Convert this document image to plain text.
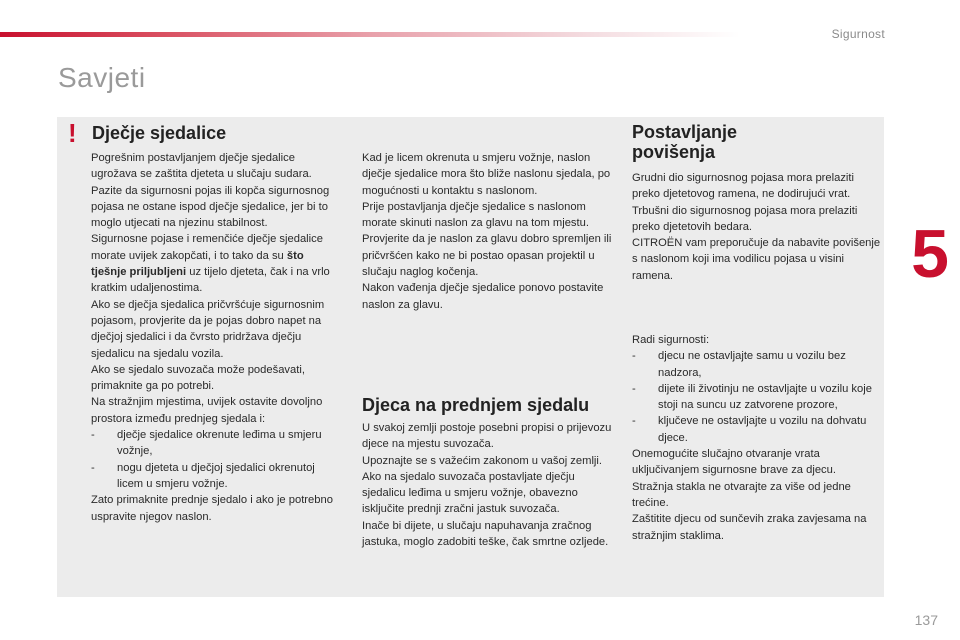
Sigurnost
Savjeti
5
! Dječje sjedalice

Pogrešnim postavljanjem dječje sjedalice ugrožava se zaštita djeteta u slučaju sudara.

Pazite da sigurnosni pojas ili kopča sigurnosnog pojasa ne ostane ispod dječje sjedalice, jer bi to moglo utjecati na njezinu stabilnost.

Sigurnosne pojase i remenčiće dječje sjedalice morate uvijek zakopčati, i to tako da su što tješnje priljubljeni uz tijelo djeteta, čak i na vrlo kratkim udaljenostima.

Ako se dječja sjedalica pričvršćuje sigurnosnim pojasom, provjerite da je pojas dobro napet na dječjoj sjedalici i da čvrsto pridržava dječju sjedalicu na sjedalu vozila.

Ako se sjedalo suvozača može podešavati, primaknite ga po potrebi.

Na stražnjim mjestima, uvijek ostavite dovoljno prostora između prednjeg sjedala i:

-	dječje sjedalice okrenute leđima u smjeru vožnje,
-	nogu djeteta u dječjoj sjedalici okrenutoj licem u smjeru vožnje.

Zato primaknite prednje sjedalo i ako je potrebno uspravite njegov naslon.

Kad je licem okrenuta u smjeru vožnje, naslon dječje sjedalice mora što bliže naslonu sjedala, po mogućnosti u kontaktu s naslonom.

Prije postavljanja dječje sjedalice s naslonom morate skinuti naslon za glavu na tom mjestu.

Provjerite da je naslon za glavu dobro spremljen ili pričvršćen kako ne bi postao opasan projektil u slučaju naglog kočenja.

Nakon vađenja dječje sjedalice ponovo postavite naslon za glavu.

Djeca na prednjem sjedalu

U svakoj zemlji postoje posebni propisi o prijevozu djece na mjestu suvozača.

Upoznajte se s važećim zakonom u vašoj zemlji.

Ako na sjedalo suvozača postavljate dječju sjedalicu leđima u smjeru vožnje, obavezno isključite prednji zračni jastuk suvozača.

Inače bi dijete, u slučaju napuhavanja zračnog jastuka, moglo zadobiti teške, čak smrtne ozljede.

Postavljanje
povišenja

Grudni dio sigurnosnog pojasa mora prelaziti preko djetetovog ramena, ne dodirujući vrat.

Trbušni dio sigurnosnog pojasa mora prelaziti preko djetetovih bedara.

CITROËN vam preporučuje da nabavite povišenje s naslonom koji ima vodilicu pojasa u visini ramena.

Radi sigurnosti:

-	djecu ne ostavljajte samu u vozilu bez nadzora,
-	dijete ili životinju ne ostavljajte u vozilu koje stoji na suncu uz zatvorene prozore,
-	ključeve ne ostavljajte u vozilu na dohvatu djece.

Onemogućite slučajno otvaranje vrata uključivanjem sigurnosne brave za djecu.

Stražnja stakla ne otvarajte za više od jedne trećine.

Zaštitite djecu od sunčevih zraka zavjesama na stražnjim staklima.

137
